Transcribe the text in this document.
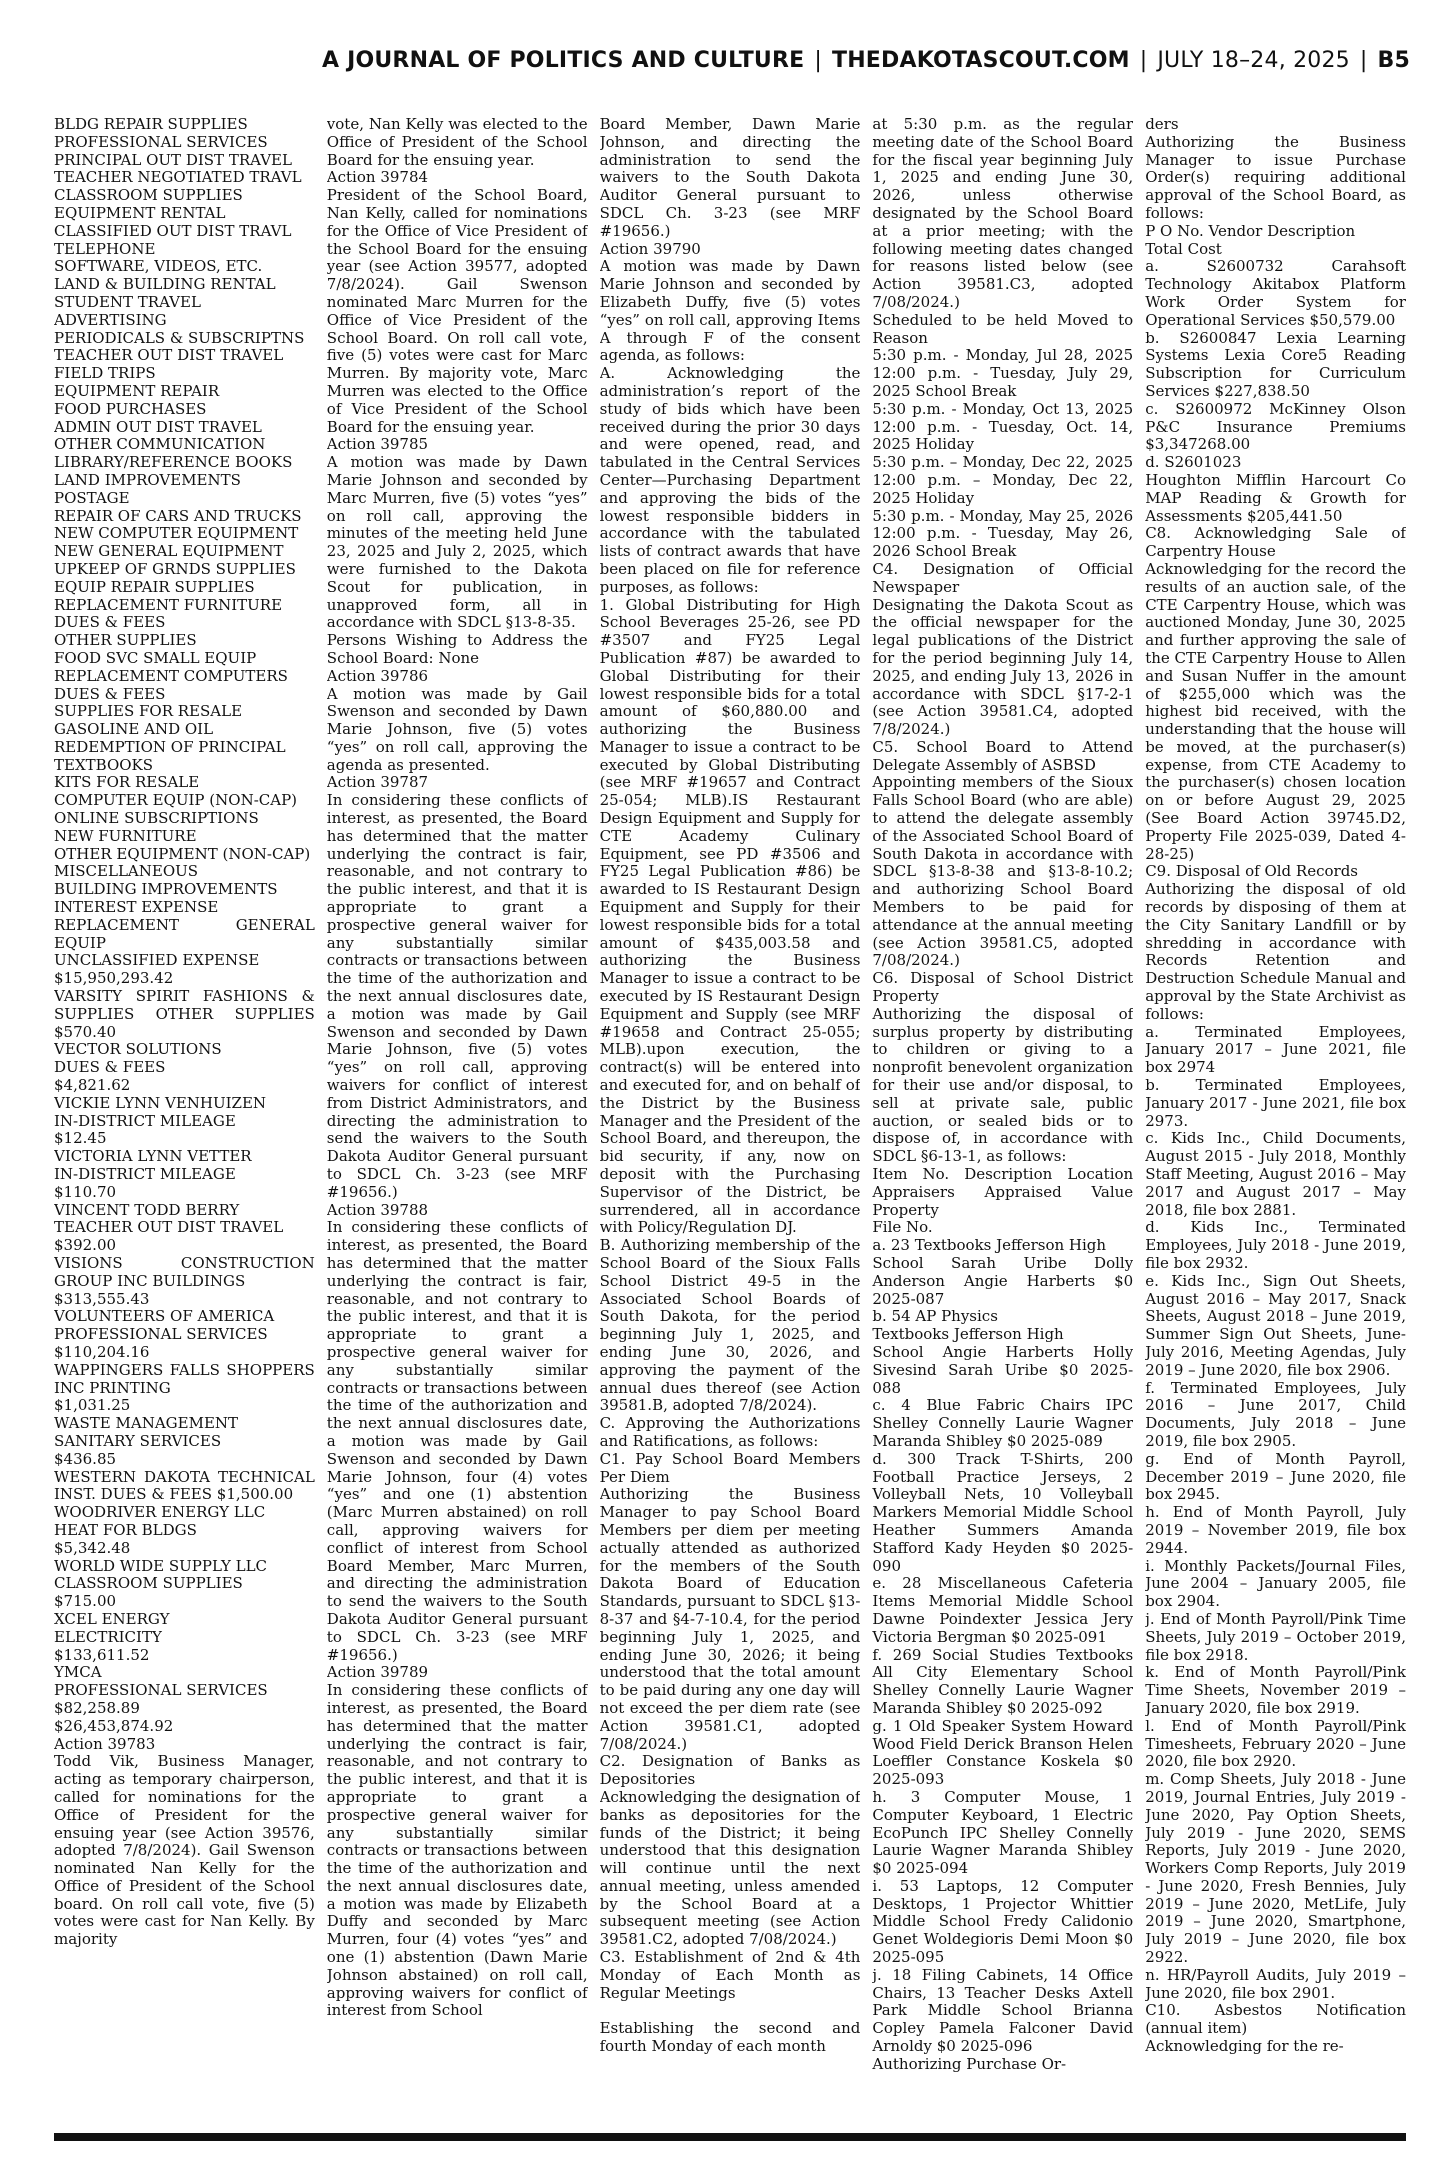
A JOURNAL OF POLITICS AND CULTURE | THEDAKOTASCOUT.COM | JULY 18–24, 2025 | B5

BLDG REPAIR SUPPLIES

PROFESSIONAL SERVICES

PRINCIPAL OUT DIST TRAVEL

TEACHER NEGOTIATED TRAVL

CLASSROOM SUPPLIES

EQUIPMENT RENTAL

CLASSIFIED OUT DIST TRAVL

TELEPHONE

SOFTWARE, VIDEOS, ETC.

LAND & BUILDING RENTAL

STUDENT TRAVEL

ADVERTISING

PERIODICALS & SUBSCRIPTNS

TEACHER OUT DIST TRAVEL

FIELD TRIPS

EQUIPMENT REPAIR

FOOD PURCHASES

ADMIN OUT DIST TRAVEL

OTHER COMMUNICATION

LIBRARY/REFERENCE BOOKS

LAND IMPROVEMENTS

POSTAGE

REPAIR OF CARS AND TRUCKS

NEW COMPUTER EQUIPMENT

NEW GENERAL EQUIPMENT

UPKEEP OF GRNDS SUPPLIES

EQUIP REPAIR SUPPLIES

REPLACEMENT FURNITURE

DUES & FEES

OTHER SUPPLIES

FOOD SVC SMALL EQUIP

REPLACEMENT COMPUTERS

DUES & FEES

SUPPLIES FOR RESALE

GASOLINE AND OIL

REDEMPTION OF PRINCIPAL

TEXTBOOKS

KITS FOR RESALE

COMPUTER EQUIP (NON-CAP)

ONLINE SUBSCRIPTIONS

NEW FURNITURE

OTHER EQUIPMENT (NON-CAP)

MISCELLANEOUS

BUILDING IMPROVEMENTS

INTEREST EXPENSE

REPLACEMENT GENERAL EQUIP

UNCLASSIFIED EXPENSE

$15,950,293.42

VARSITY SPIRIT FASHIONS & SUPPLIES OTHER SUPPLIES $570.40

VECTOR SOLUTIONS

DUES & FEES

$4,821.62

VICKIE LYNN VENHUIZEN

IN-DISTRICT MILEAGE

$12.45

VICTORIA LYNN VETTER

IN-DISTRICT MILEAGE

$110.70

VINCENT TODD BERRY

TEACHER OUT DIST TRAVEL

$392.00

VISIONS CONSTRUCTION GROUP INC BUILDINGS

$313,555.43

VOLUNTEERS OF AMERICA

PROFESSIONAL SERVICES

$110,204.16

WAPPINGERS FALLS SHOPPERS INC PRINTING

$1,031.25

WASTE MANAGEMENT

SANITARY SERVICES

$436.85

WESTERN DAKOTA TECHNICAL INST. DUES & FEES $1,500.00

WOODRIVER ENERGY LLC

HEAT FOR BLDGS

$5,342.48

WORLD WIDE SUPPLY LLC

CLASSROOM SUPPLIES

$715.00

XCEL ENERGY

ELECTRICITY

$133,611.52

YMCA

PROFESSIONAL SERVICES

$82,258.89

$26,453,874.92

Action 39783

Todd Vik, Business Manager, acting as temporary chairperson, called for nominations for the Office of President for the ensuing year (see Action 39576, adopted 7/8/2024). Gail Swenson nominated Nan Kelly for the Office of President of the School board. On roll call vote, five (5) votes were cast for Nan Kelly. By majority

vote, Nan Kelly was elected to the Office of President of the School Board for the ensuing year.

Action 39784

President of the School Board, Nan Kelly, called for nominations for the Office of Vice President of the School Board for the ensuing year (see Action 39577, adopted 7/8/2024). Gail Swenson nominated Marc Murren for the Office of Vice President of the School Board. On roll call vote, five (5) votes were cast for Marc Murren. By majority vote, Marc Murren was elected to the Office of Vice President of the School Board for the ensuing year.

Action 39785

A motion was made by Dawn Marie Johnson and seconded by Marc Murren, five (5) votes “yes” on roll call, approving the minutes of the meeting held June 23, 2025 and July 2, 2025, which were furnished to the Dakota Scout for publication, in unapproved form, all in accordance with SDCL §13-8-35.

Persons Wishing to Address the School Board: None

Action 39786

A motion was made by Gail Swenson and seconded by Dawn Marie Johnson, five (5) votes “yes” on roll call, approving the agenda as presented.

Action 39787

In considering these conflicts of interest, as presented, the Board has determined that the matter underlying the contract is fair, reasonable, and not contrary to the public interest, and that it is appropriate to grant a prospective general waiver for any substantially similar contracts or transactions between the time of the authorization and the next annual disclosures date, a motion was made by Gail Swenson and seconded by Dawn Marie Johnson, five (5) votes “yes” on roll call, approving waivers for conflict of interest from District Administrators, and directing the administration to send the waivers to the South Dakota Auditor General pursuant to SDCL Ch. 3-23 (see MRF #19656.)

Action 39788

In considering these conflicts of interest, as presented, the Board has determined that the matter underlying the contract is fair, reasonable, and not contrary to the public interest, and that it is appropriate to grant a prospective general waiver for any substantially similar contracts or transactions between the time of the authorization and the next annual disclosures date, a motion was made by Gail Swenson and seconded by Dawn Marie Johnson, four (4) votes “yes” and one (1) abstention (Marc Murren abstained) on roll call, approving waivers for conflict of interest from School Board Member, Marc Murren, and directing the administration to send the waivers to the South Dakota Auditor General pursuant to SDCL Ch. 3-23 (see MRF #19656.)

Action 39789

In considering these conflicts of interest, as presented, the Board has determined that the matter underlying the contract is fair, reasonable, and not contrary to the public interest, and that it is appropriate to grant a prospective general waiver for any substantially similar contracts or transactions between the time of the authorization and the next annual disclosures date, a motion was made by Elizabeth Duffy and seconded by Marc Murren, four (4) votes “yes” and one (1) abstention (Dawn Marie Johnson abstained) on roll call, approving waivers for conflict of interest from School

Board Member, Dawn Marie Johnson, and directing the administration to send the waivers to the South Dakota Auditor General pursuant to SDCL Ch. 3-23 (see MRF #19656.)

Action 39790

A motion was made by Dawn Marie Johnson and seconded by Elizabeth Duffy, five (5) votes “yes” on roll call, approving Items A through F of the consent agenda, as follows:

A. Acknowledging the administration’s report of the study of bids which have been received during the prior 30 days and were opened, read, and tabulated in the Central Services Center—Purchasing Department and approving the bids of the lowest responsible bidders in accordance with the tabulated lists of contract awards that have been placed on file for reference purposes, as follows:

1. Global Distributing for High School Beverages 25-26, see PD #3507 and FY25 Legal Publication #87) be awarded to Global Distributing for their lowest responsible bids for a total amount of $60,880.00 and authorizing the Business Manager to issue a contract to be executed by Global Distributing (see MRF #19657 and Contract 25-054; MLB).IS Restaurant Design Equipment and Supply for CTE Academy Culinary Equipment, see PD #3506 and FY25 Legal Publication #86) be awarded to IS Restaurant Design Equipment and Supply for their lowest responsible bids for a total amount of $435,003.58 and authorizing the Business Manager to issue a contract to be executed by IS Restaurant Design Equipment and Supply (see MRF #19658 and Contract 25-055; MLB).upon execution, the contract(s) will be entered into and executed for, and on behalf of the District by the Business Manager and the President of the School Board, and thereupon, the bid security, if any, now on deposit with the Purchasing Supervisor of the District, be surrendered, all in accordance with Policy/Regulation DJ.

B. Authorizing membership of the School Board of the Sioux Falls School District 49-5 in the Associated School Boards of South Dakota, for the period beginning July 1, 2025, and ending June 30, 2026, and approving the payment of the annual dues thereof (see Action 39581.B, adopted 7/8/2024).

C. Approving the Authorizations and Ratifications, as follows:

C1. Pay School Board Members Per Diem

Authorizing the Business Manager to pay School Board Members per diem per meeting actually attended as authorized for the members of the South Dakota Board of Education Standards, pursuant to SDCL §13-8-37 and §4-7-10.4, for the period beginning July 1, 2025, and ending June 30, 2026; it being understood that the total amount to be paid during any one day will not exceed the per diem rate (see Action 39581.C1, adopted 7/08/2024.)

C2. Designation of Banks as Depositories

Acknowledging the designation of banks as depositories for the funds of the District; it being understood that this designation will continue until the next annual meeting, unless amended by the School Board at a subsequent meeting (see Action 39581.C2, adopted 7/08/2024.)

C3. Establishment of 2nd & 4th Monday of Each Month as Regular Meetings

Establishing the second and fourth Monday of each month

at 5:30 p.m. as the regular meeting date of the School Board for the fiscal year beginning July 1, 2025 and ending June 30, 2026, unless otherwise designated by the School Board at a prior meeting; with the following meeting dates changed for reasons listed below (see Action 39581.C3, adopted 7/08/2024.)

Scheduled to be held Moved to Reason

5:30 p.m. - Monday, Jul 28, 2025 12:00 p.m. - Tuesday, July 29, 2025 School Break

5:30 p.m. - Monday, Oct 13, 2025 12:00 p.m. - Tuesday, Oct. 14, 2025 Holiday

5:30 p.m. – Monday, Dec 22, 2025 12:00 p.m. – Monday, Dec 22, 2025 Holiday

5:30 p.m. - Monday, May 25, 2026 12:00 p.m. - Tuesday, May 26, 2026 School Break

C4. Designation of Official Newspaper

Designating the Dakota Scout as the official newspaper for the legal publications of the District for the period beginning July 14, 2025, and ending July 13, 2026 in accordance with SDCL §17-2-1 (see Action 39581.C4, adopted 7/8/2024.)

C5. School Board to Attend Delegate Assembly of ASBSD

Appointing members of the Sioux Falls School Board (who are able) to attend the delegate assembly of the Associated School Board of South Dakota in accordance with SDCL §13-8-38 and §13-8-10.2; and authorizing School Board Members to be paid for attendance at the annual meeting (see Action 39581.C5, adopted 7/08/2024.)

C6. Disposal of School District Property

Authorizing the disposal of surplus property by distributing to children or giving to a nonprofit benevolent organization for their use and/or disposal, to sell at private sale, public auction, or sealed bids or to dispose of, in accordance with SDCL §6-13-1, as follows:

Item No. Description Location Appraisers Appraised Value Property

File No.

a. 23 Textbooks Jefferson High

School Sarah Uribe Dolly Anderson Angie Harberts $0 2025-087

b. 54 AP Physics

Textbooks Jefferson High

School Angie Harberts Holly Sivesind Sarah Uribe $0 2025-088

c. 4 Blue Fabric Chairs IPC Shelley Connelly Laurie Wagner Maranda Shibley $0 2025-089

d. 300 Track T-Shirts, 200 Football Practice Jerseys, 2 Volleyball Nets, 10 Volleyball Markers Memorial Middle School Heather Summers Amanda Stafford Kady Heyden $0 2025-090

e. 28 Miscellaneous Cafeteria Items Memorial Middle School Dawne Poindexter Jessica Jery Victoria Bergman $0 2025-091

f. 269 Social Studies Textbooks All City Elementary School Shelley Connelly Laurie Wagner Maranda Shibley $0 2025-092

g. 1 Old Speaker System Howard Wood Field Derick Branson Helen Loeffler Constance Koskela $0 2025-093

h. 3 Computer Mouse, 1 Computer Keyboard, 1 Electric EcoPunch IPC Shelley Connelly Laurie Wagner Maranda Shibley $0 2025-094

i. 53 Laptops, 12 Computer Desktops, 1 Projector Whittier Middle School Fredy Calidonio Genet Woldegioris Demi Moon $0 2025-095

j. 18 Filing Cabinets, 14 Office Chairs, 13 Teacher Desks Axtell Park Middle School Brianna Copley Pamela Falconer David Arnoldy $0 2025-096

Authorizing Purchase Or-

ders

Authorizing the Business Manager to issue Purchase Order(s) requiring additional approval of the School Board, as follows:

P O No. Vendor Description

Total Cost

a. S2600732 Carahsoft Technology Akitabox Platform Work Order System for Operational Services $50,579.00

b. S2600847 Lexia Learning Systems Lexia Core5 Reading Subscription for Curriculum Services $227,838.50

c. S2600972 McKinney Olson P&C Insurance Premiums $3,347268.00

d. S2601023

Houghton Mifflin Harcourt Co MAP Reading & Growth for Assessments $205,441.50

C8. Acknowledging Sale of Carpentry House

Acknowledging for the record the results of an auction sale, of the CTE Carpentry House, which was auctioned Monday, June 30, 2025 and further approving the sale of the CTE Carpentry House to Allen and Susan Nuffer in the amount of $255,000 which was the highest bid received, with the understanding that the house will be moved, at the purchaser(s) expense, from CTE Academy to the purchaser(s) chosen location on or before August 29, 2025 (See Board Action 39745.D2, Property File 2025-039, Dated 4-28-25)

C9. Disposal of Old Records

Authorizing the disposal of old records by disposing of them at the City Sanitary Landfill or by shredding in accordance with Records Retention and Destruction Schedule Manual and approval by the State Archivist as follows:

a. Terminated Employees, January 2017 – June 2021, file box 2974

b. Terminated Employees, January 2017 - June 2021, file box 2973.

c. Kids Inc., Child Documents, August 2015 - July 2018, Monthly Staff Meeting, August 2016 – May 2017 and August 2017 – May 2018, file box 2881.

d. Kids Inc., Terminated Employees, July 2018 - June 2019, file box 2932.

e. Kids Inc., Sign Out Sheets, August 2016 – May 2017, Snack Sheets, August 2018 – June 2019, Summer Sign Out Sheets, June-July 2016, Meeting Agendas, July 2019 – June 2020, file box 2906.

f. Terminated Employees, July 2016 – June 2017, Child Documents, July 2018 – June 2019, file box 2905.

g. End of Month Payroll, December 2019 – June 2020, file box 2945.

h. End of Month Payroll, July 2019 – November 2019, file box 2944.

i. Monthly Packets/Journal Files, June 2004 – January 2005, file box 2904.

j. End of Month Payroll/Pink Time Sheets, July 2019 – October 2019, file box 2918.

k. End of Month Payroll/Pink Time Sheets, November 2019 – January 2020, file box 2919.

l. End of Month Payroll/Pink Timesheets, February 2020 – June 2020, file box 2920.

m. Comp Sheets, July 2018 - June 2019, Journal Entries, July 2019 - June 2020, Pay Option Sheets, July 2019 - June 2020, SEMS Reports, July 2019 - June 2020, Workers Comp Reports, July 2019 - June 2020, Fresh Bennies, July 2019 – June 2020, MetLife, July 2019 – June 2020, Smartphone, July 2019 – June 2020, file box 2922.

n. HR/Payroll Audits, July 2019 – June 2020, file box 2901.

C10. Asbestos Notification (annual item)

Acknowledging for the re-
